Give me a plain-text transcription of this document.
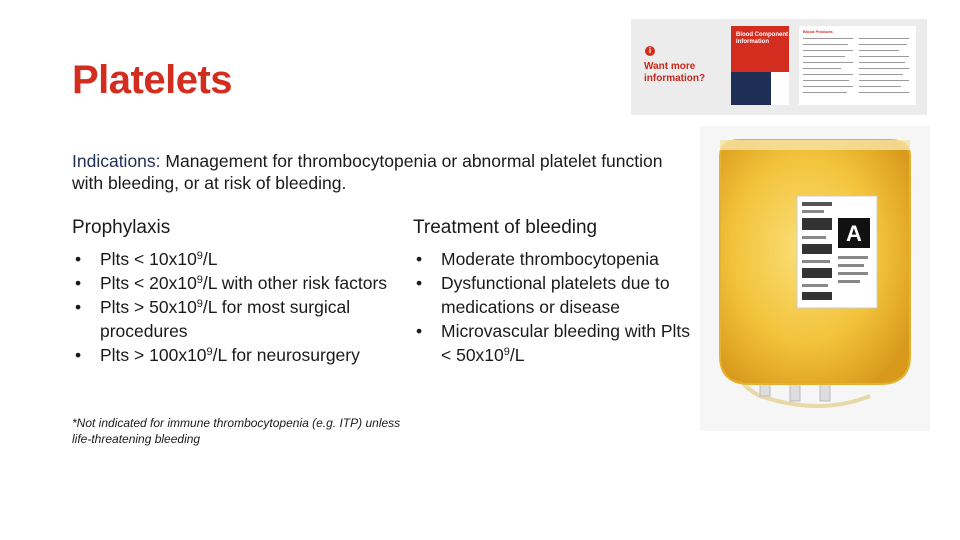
Platelets
i
Want more information?
Blood Component Information
Blood Products

Indications: Management for thrombocytopenia or abnormal platelet function with bleeding, or at risk of bleeding.

Prophylaxis	Treatment of bleeding
• Plts < $10x10^9/L$
• Plts < $20x10^9/L$ with other risk factors
• Plts > $50x10^9/L$ for most surgical procedures
• Plts > $100x10^9/L$ for neurosurgery
• Moderate thrombocytopenia
• Dysfunctional platelets due to medications or disease
• Microvascular bleeding with Plts < $50x10^9/L$
*Not indicated for immune thrombocytopenia (e.g. ITP) unless life-threatening bleeding
A
